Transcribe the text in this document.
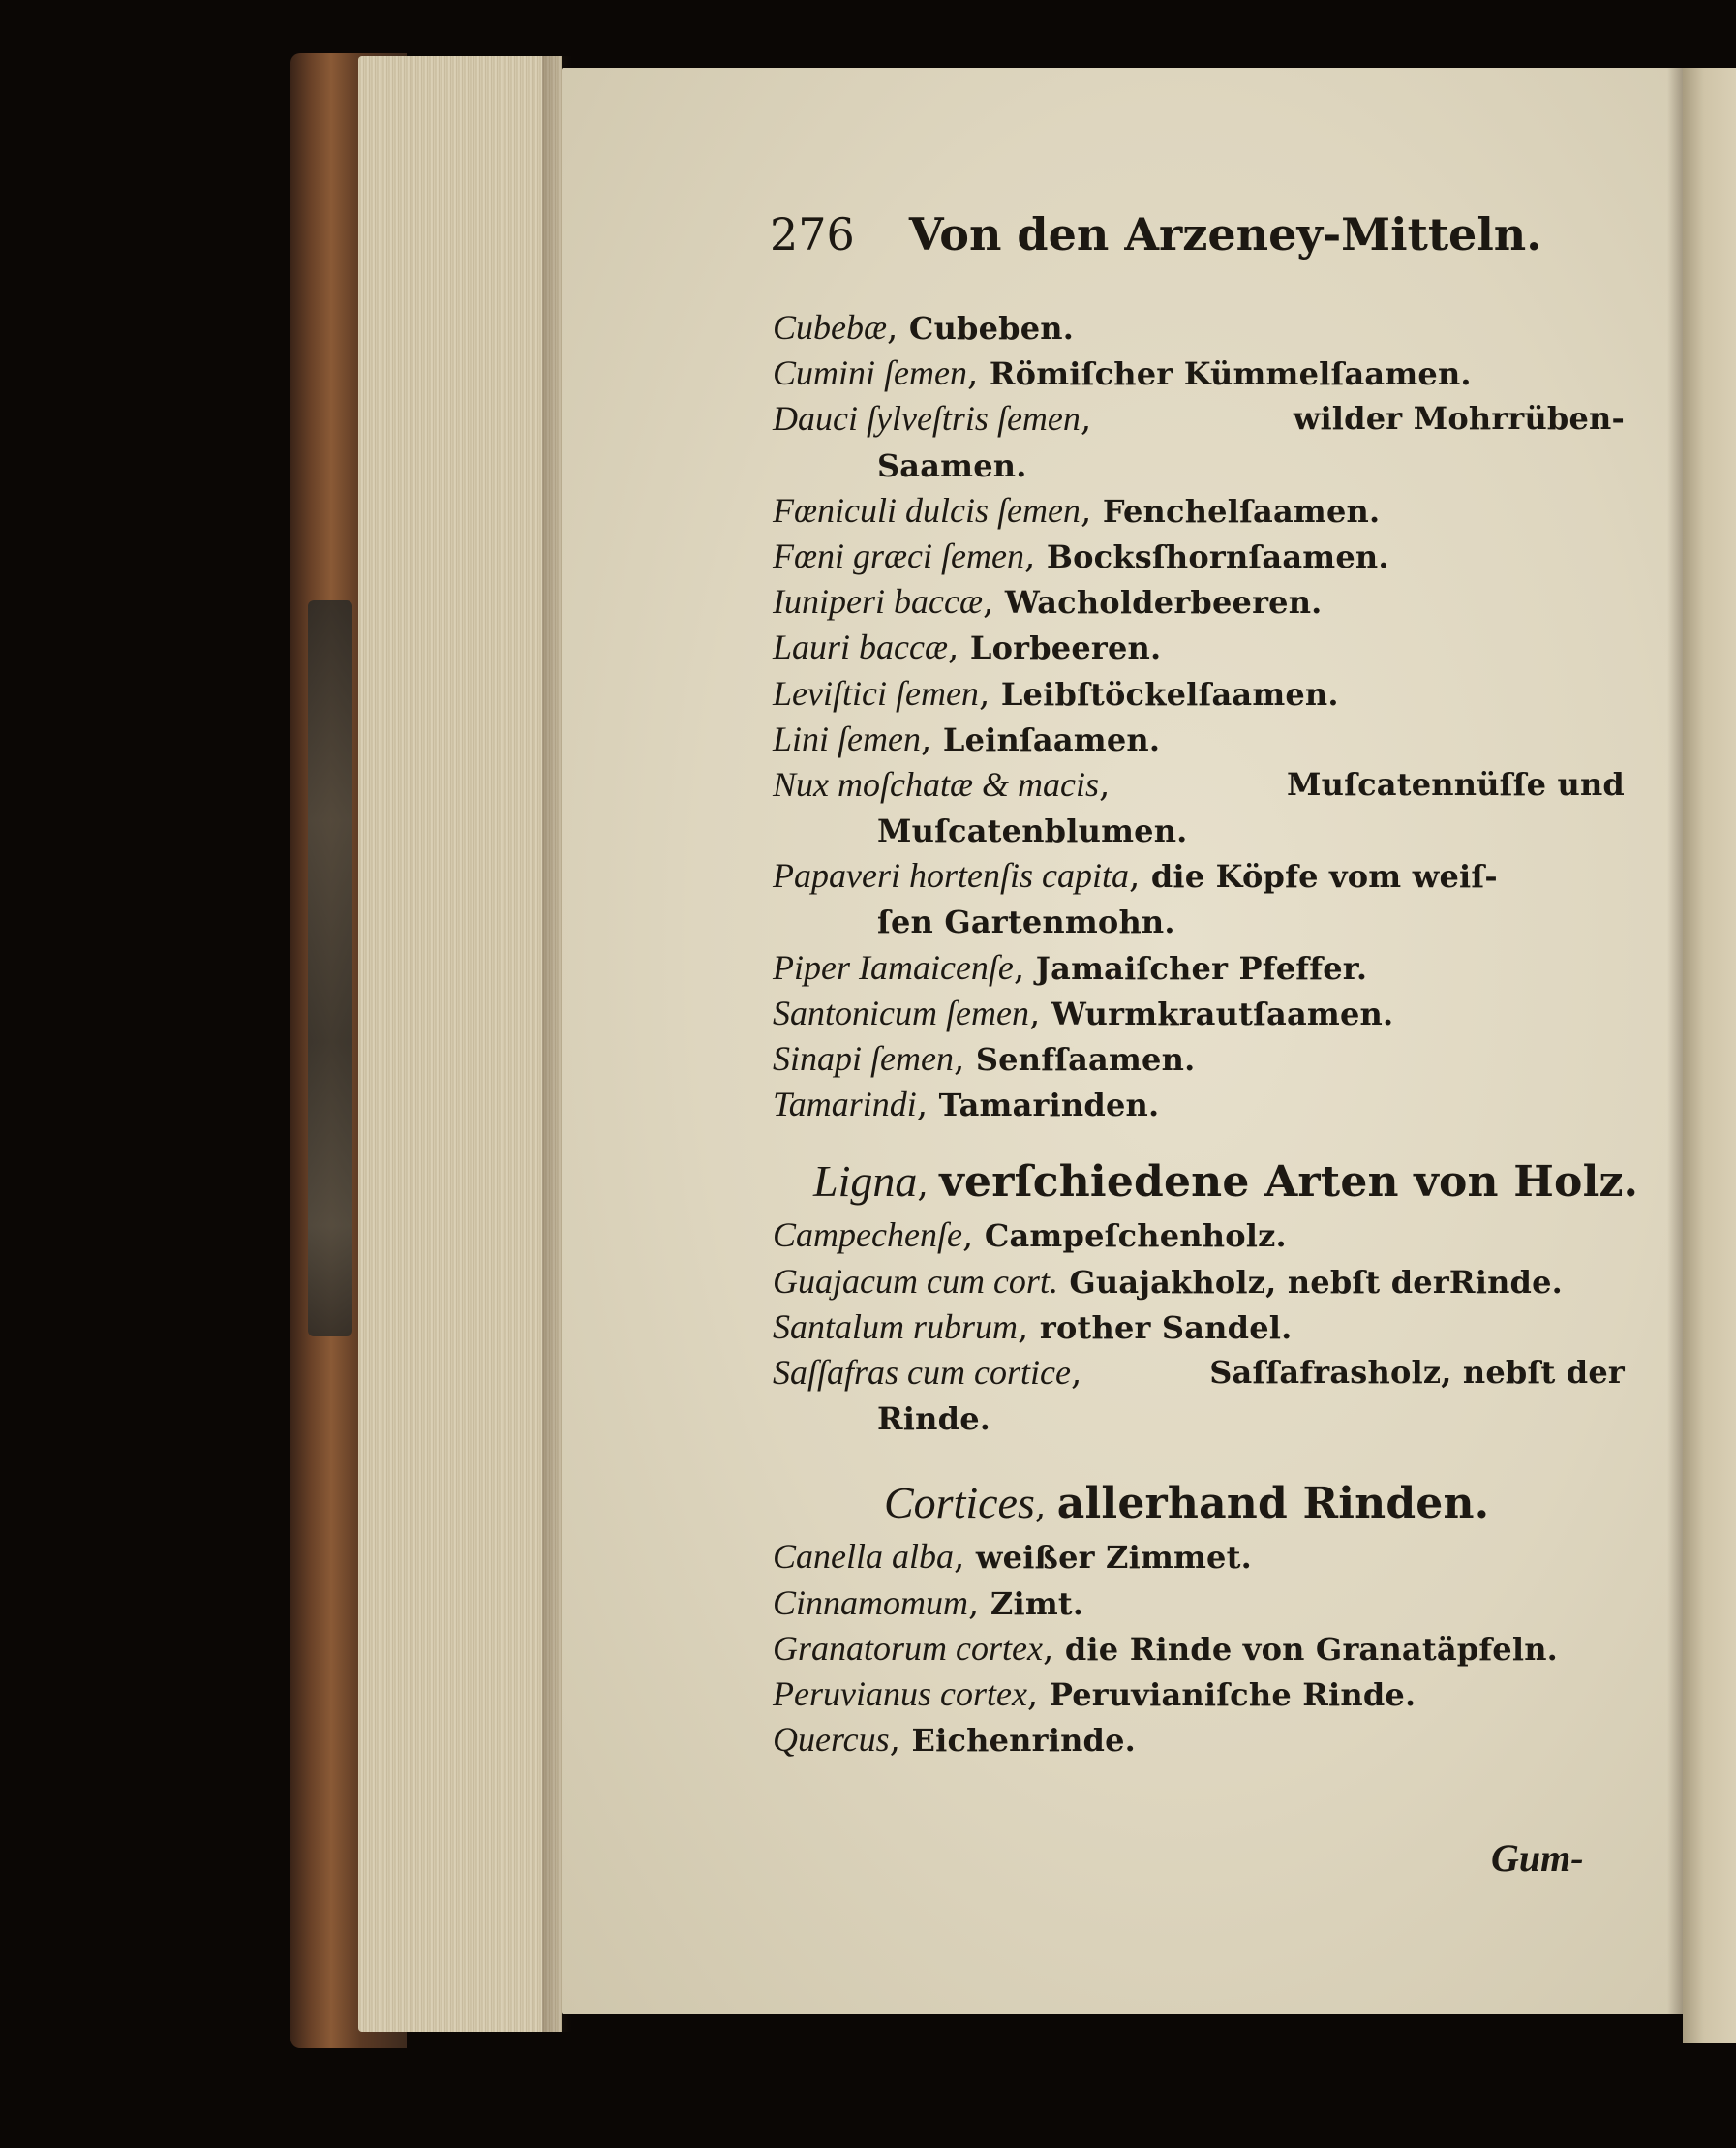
276 Von den Arzeney-Mitteln.
Cubebæ, Cubeben.
Cumini ſemen, Römiſcher Kümmelſaamen.
Dauci ſylveſtris ſemen,	wilder Mohrrüben-
Saamen.
Fœniculi dulcis ſemen, Fenchelſaamen.
Fœni græci ſemen, Bocksſhornſaamen.
Iuniperi baccæ, Wacholderbeeren.
Lauri baccæ, Lorbeeren.
Leviſtici ſemen, Leibſtöckelſaamen.
Lini ſemen, Leinſaamen.
Nux moſchatæ & macis,	Muſcatennüſſe und
Muſcatenblumen.
Papaveri hortenſis capita, die Köpfe vom weiſ-
ſen Gartenmohn.
Piper Iamaicenſe, Jamaiſcher Pfeffer.
Santonicum ſemen, Wurmkrautſaamen.
Sinapi ſemen, Senfſaamen.
Tamarindi, Tamarinden.
Ligna, verſchiedene Arten von Holz.
Campechenſe, Campeſchenholz.
Guajacum cum cort. Guajakholz, nebſt derRinde.
Santalum rubrum, rother Sandel.
Saſſafras cum cortice,	Saſſafrasholz, nebſt der
Rinde.
Cortices, allerhand Rinden.
Canella alba, weißer Zimmet.
Cinnamomum, Zimt.
Granatorum cortex, die Rinde von Granatäpfeln.
Peruvianus cortex, Peruvianiſche Rinde.
Quercus, Eichenrinde.
Gum-
